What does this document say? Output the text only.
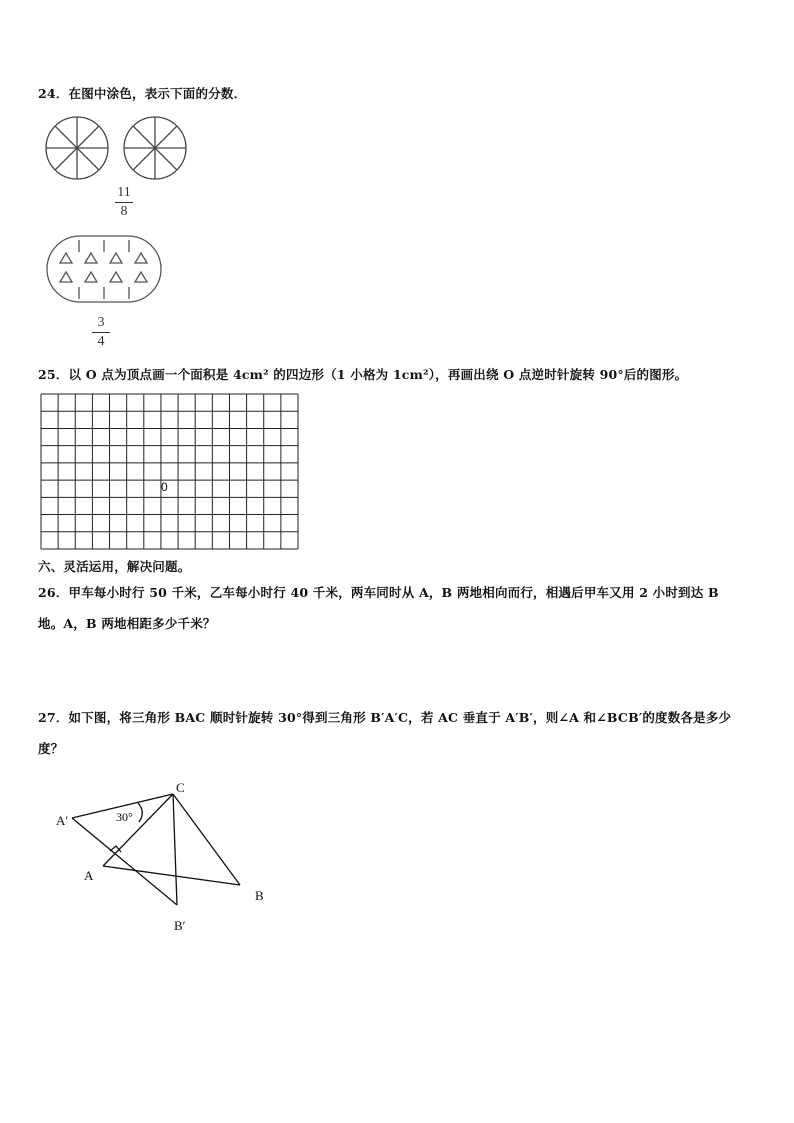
24．在图中涂色，表示下面的分数．
11
8
3
4
25．以 O 点为顶点画一个面积是 4cm² 的四边形（1 小格为 1cm²），再画出绕 O 点逆时针旋转 90°后的图形。
0
六、灵活运用，解决问题。
26．甲车每小时行 50 千米，乙车每小时行 40 千米，两车同时从 A，B 两地相向而行，相遇后甲车又用 2 小时到达 B
地。A，B 两地相距多少千米？
27．如下图，将三角形 BAC 顺时针旋转 30°得到三角形 B′A′C，若 AC 垂直于 A′B′，则∠A 和∠BCB′的度数各是多少
度？
C
A′
A
B
B′
30°
